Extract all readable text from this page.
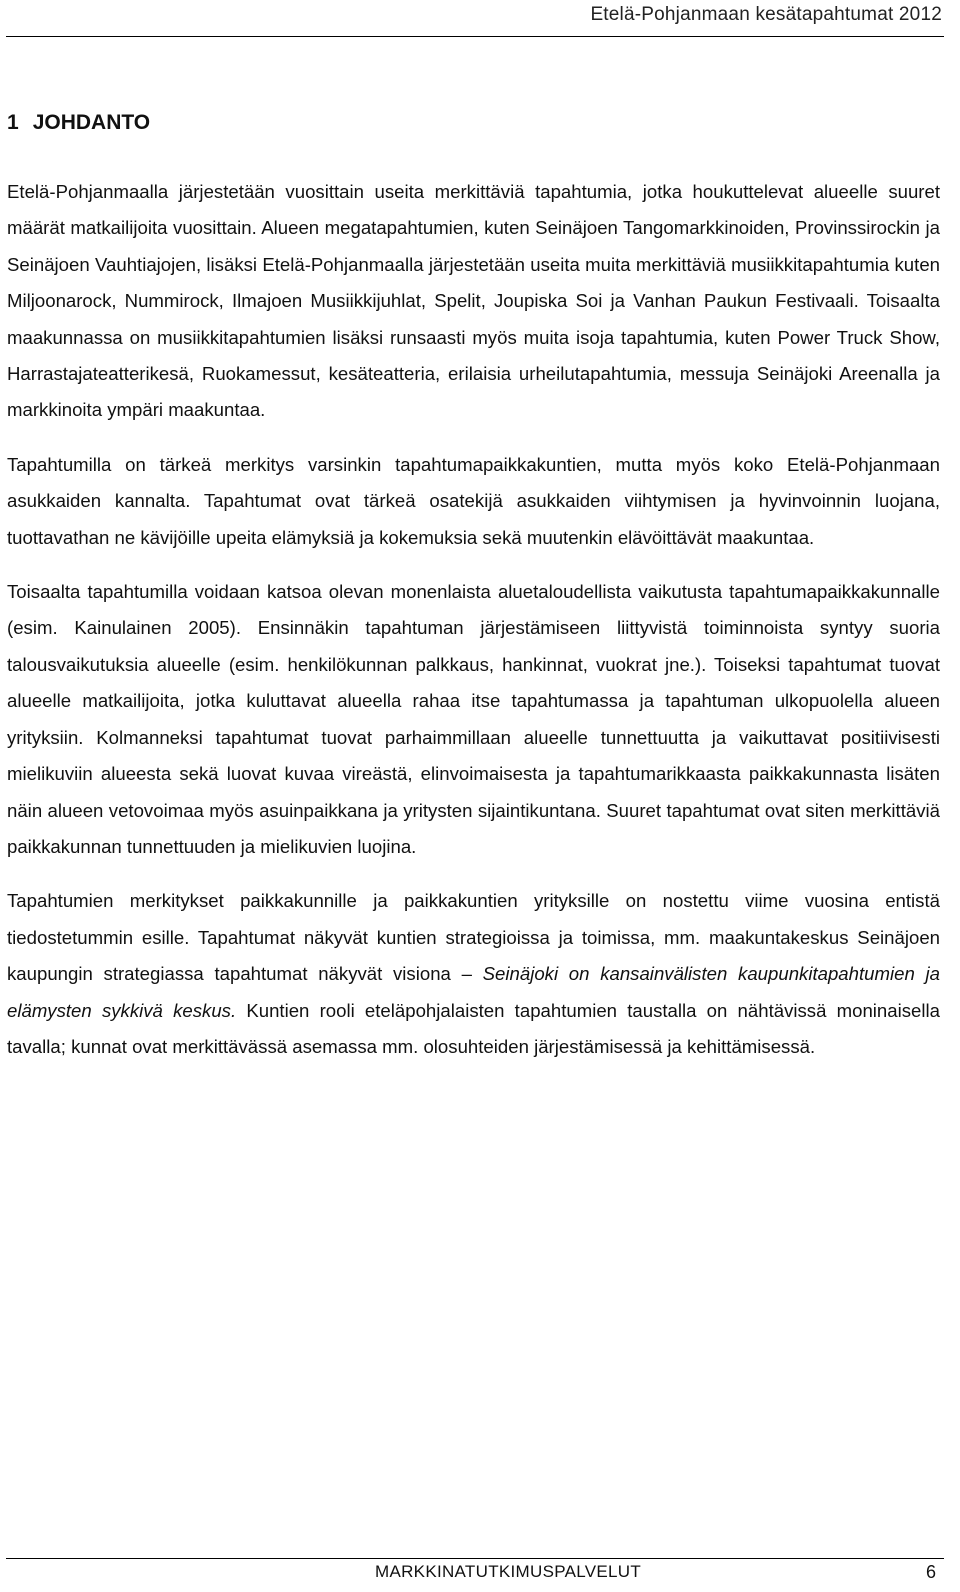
Etelä-Pohjanmaan kesätapahtumat 2012
1 JOHDANTO

Etelä-Pohjanmaalla järjestetään vuosittain useita merkittäviä tapahtumia, jotka houkuttelevat alueelle suuret määrät matkailijoita vuosittain. Alueen megatapahtumien, kuten Seinäjoen Tangomarkkinoiden, Provinssirockin ja Seinäjoen Vauhtiajojen, lisäksi Etelä-Pohjanmaalla järjestetään useita muita merkittäviä musiikkitapahtumia kuten Miljoonarock, Nummirock, Ilmajoen Musiikkijuhlat, Spelit, Joupiska Soi ja Vanhan Paukun Festivaali. Toisaalta maakunnassa on musiikkitapahtumien lisäksi runsaasti myös muita isoja tapahtumia, kuten Power Truck Show, Harrastajateatterikesä, Ruokamessut, kesäteatteria, erilaisia urheilutapahtumia, messuja Seinäjoki Areenalla ja markkinoita ympäri maakuntaa.

Tapahtumilla on tärkeä merkitys varsinkin tapahtumapaikkakuntien, mutta myös koko Etelä-Pohjanmaan asukkaiden kannalta. Tapahtumat ovat tärkeä osatekijä asukkaiden viihtymisen ja hyvinvoinnin luojana, tuottavathan ne kävijöille upeita elämyksiä ja kokemuksia sekä muutenkin elävöittävät maakuntaa.

Toisaalta tapahtumilla voidaan katsoa olevan monenlaista aluetaloudellista vaikutusta tapahtumapaikkakunnalle (esim. Kainulainen 2005). Ensinnäkin tapahtuman järjestämiseen liittyvistä toiminnoista syntyy suoria talousvaikutuksia alueelle (esim. henkilökunnan palkkaus, hankinnat, vuokrat jne.). Toiseksi tapahtumat tuovat alueelle matkailijoita, jotka kuluttavat alueella rahaa itse tapahtumassa ja tapahtuman ulkopuolella alueen yrityksiin. Kolmanneksi tapahtumat tuovat parhaimmillaan alueelle tunnettuutta ja vaikuttavat positiivisesti mielikuviin alueesta sekä luovat kuvaa vireästä, elinvoimaisesta ja tapahtumarikkaasta paikkakunnasta lisäten näin alueen vetovoimaa myös asuinpaikkana ja yritysten sijaintikuntana. Suuret tapahtumat ovat siten merkittäviä paikkakunnan tunnettuuden ja mielikuvien luojina.

Tapahtumien merkitykset paikkakunnille ja paikkakuntien yrityksille on nostettu viime vuosina entistä tiedostetummin esille. Tapahtumat näkyvät kuntien strategioissa ja toimissa, mm. maakuntakeskus Seinäjoen kaupungin strategiassa tapahtumat näkyvät visiona – Seinäjoki on kansainvälisten kaupunkitapahtumien ja elämysten sykkivä keskus. Kuntien rooli eteläpohjalaisten tapahtumien taustalla on nähtävissä moninaisella tavalla; kunnat ovat merkittävässä asemassa mm. olosuhteiden järjestämisessä ja kehittämisessä.

MARKKINATUTKIMUSPALVELUT	6
